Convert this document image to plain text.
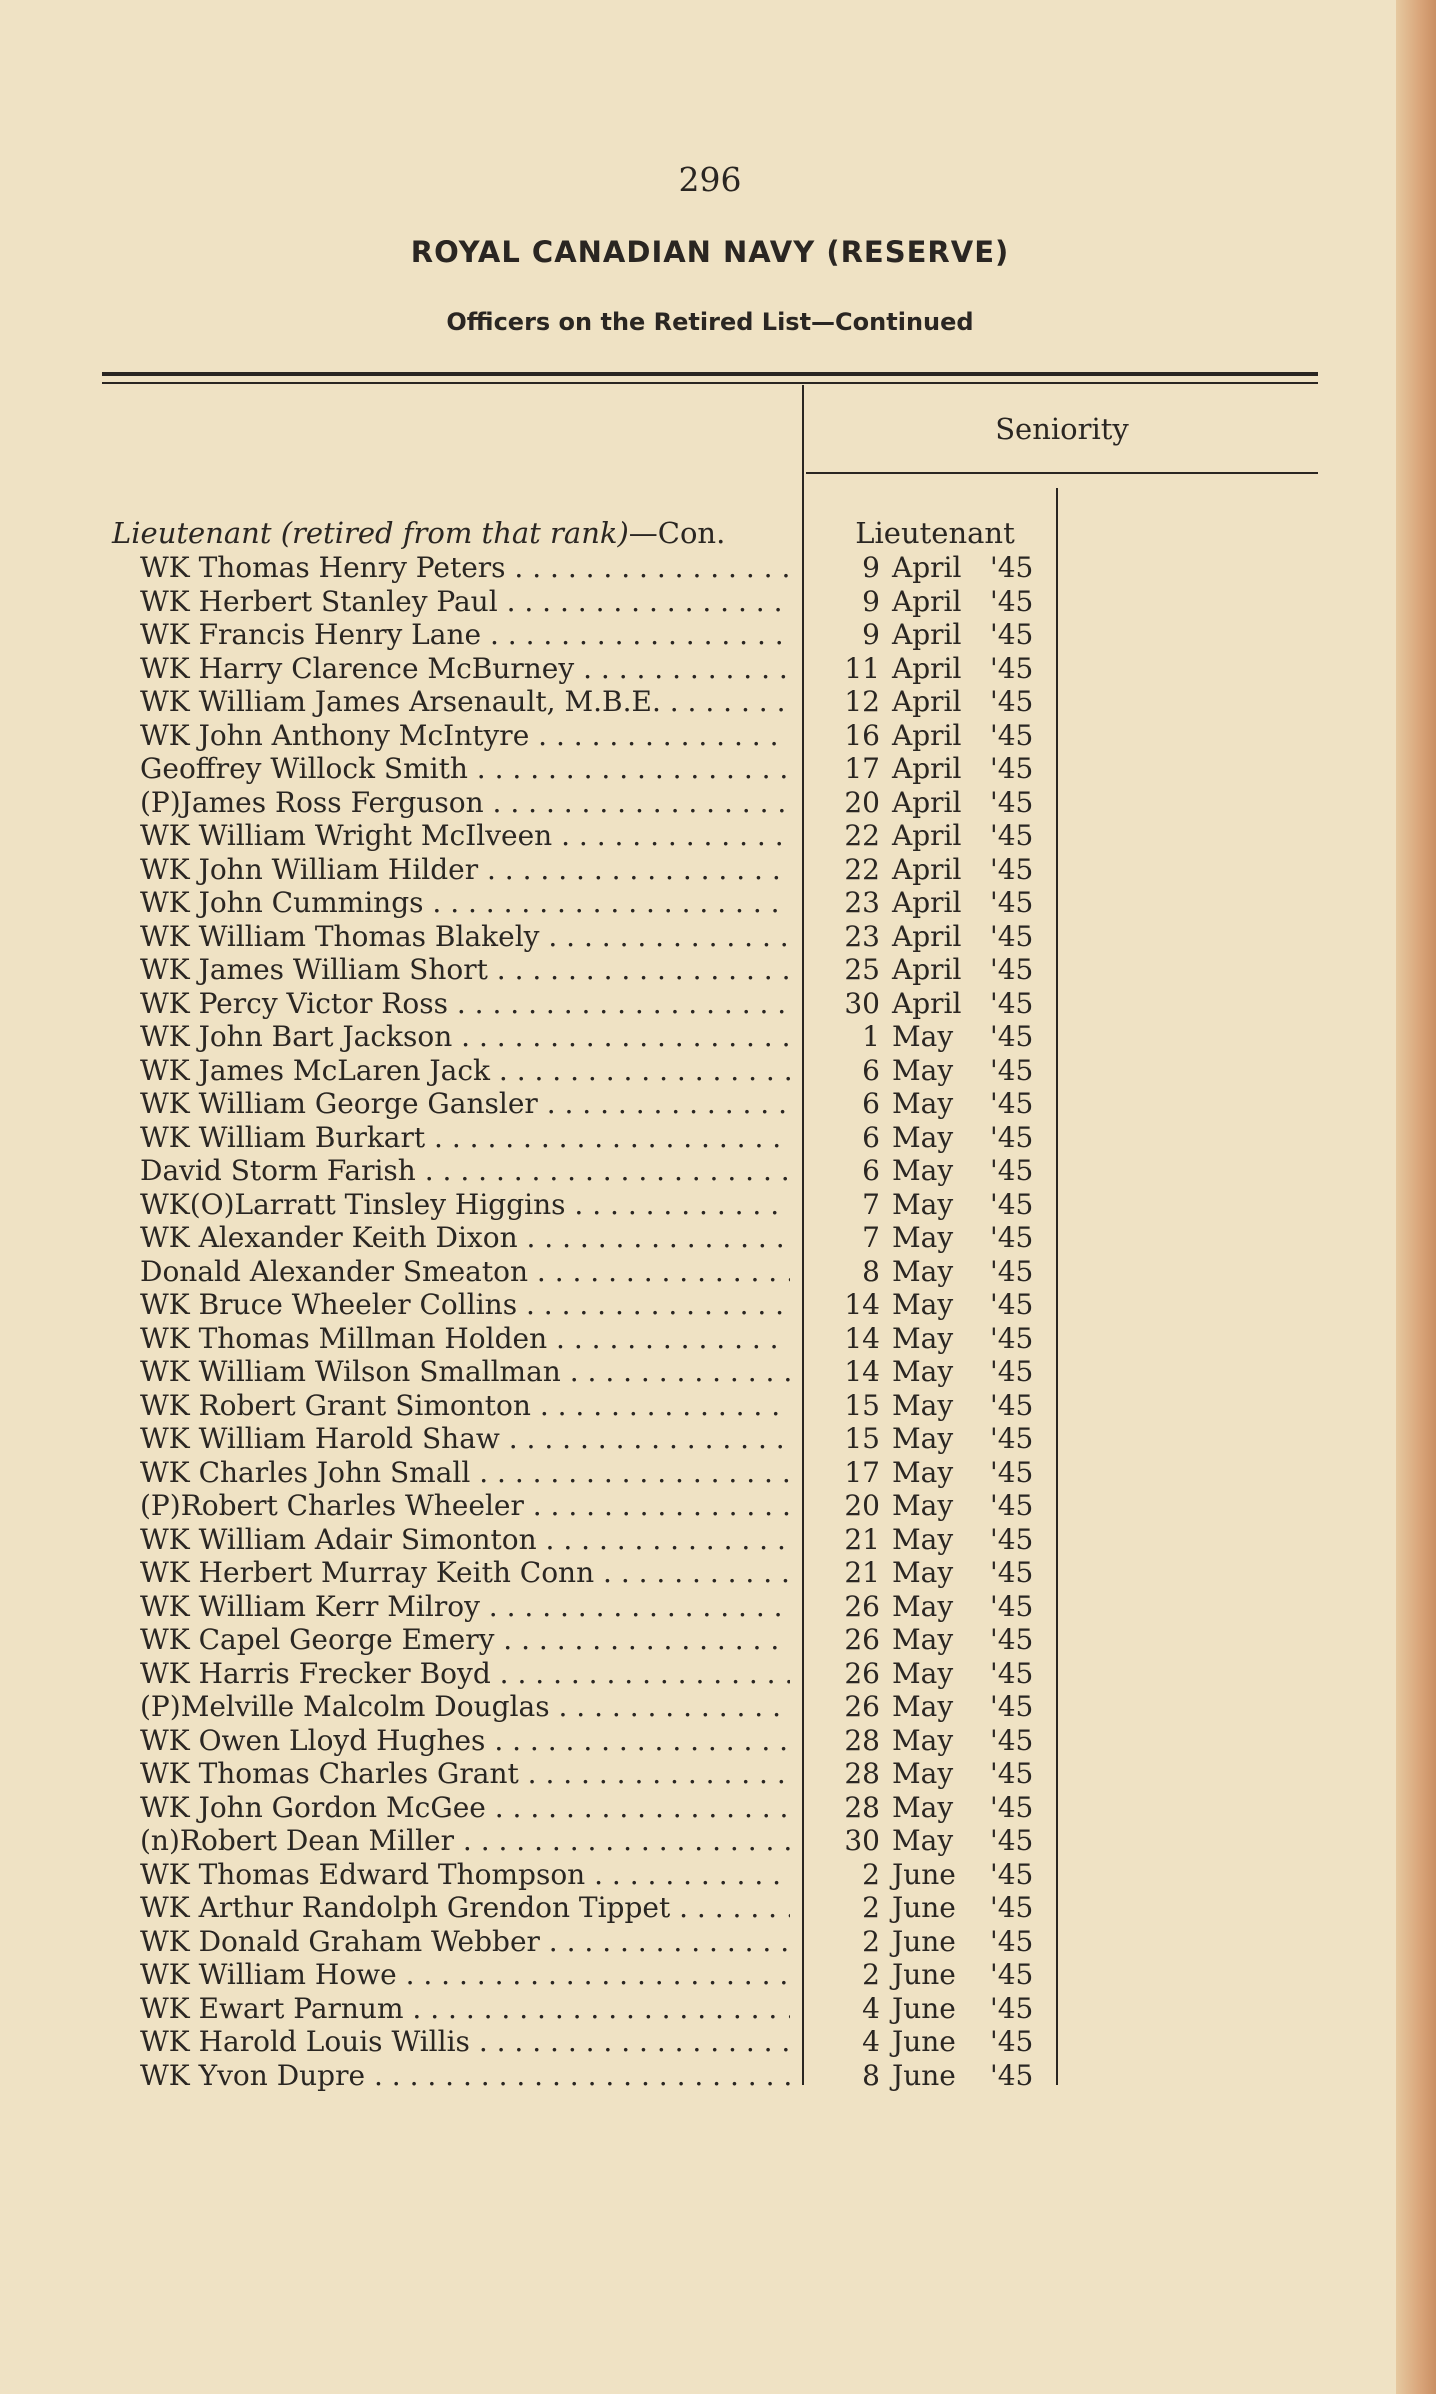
296
ROYAL CANADIAN NAVY (RESERVE)
Officers on the Retired List—Continued
Seniority
Lieutenant (retired from that rank)—Con.	Lieutenant
WK Thomas Henry Peters . . .	9 April	'45
WK Herbert Stanley Paul . . .	9 April	'45
WK Francis Henry Lane . . .	9 April	'45
WK Harry Clarence McBurney . . .	11 April	'45
WK William James Arsenault, M.B.E. . . .	12 April	'45
WK John Anthony McIntyre . . .	16 April	'45
Geoffrey Willock Smith . . .	17 April	'45
(P)James Ross Ferguson . . .	20 April	'45
WK William Wright McIlveen . . .	22 April	'45
WK John William Hilder . . .	22 April	'45
WK John Cummings . . .	23 April	'45
WK William Thomas Blakely . . .	23 April	'45
WK James William Short . . .	25 April	'45
WK Percy Victor Ross . . .	30 April	'45
WK John Bart Jackson . . .	1 May	'45
WK James McLaren Jack . . .	6 May	'45
WK William George Gansler . . .	6 May	'45
WK William Burkart . . .	6 May	'45
David Storm Farish . . .	6 May	'45
WK(O)Larratt Tinsley Higgins . . .	7 May	'45
WK Alexander Keith Dixon . . .	7 May	'45
Donald Alexander Smeaton . . .	8 May	'45
WK Bruce Wheeler Collins . . .	14 May	'45
WK Thomas Millman Holden . . .	14 May	'45
WK William Wilson Smallman . . .	14 May	'45
WK Robert Grant Simonton . . .	15 May	'45
WK William Harold Shaw . . .	15 May	'45
WK Charles John Small . . .	17 May	'45
(P)Robert Charles Wheeler . . .	20 May	'45
WK William Adair Simonton . . .	21 May	'45
WK Herbert Murray Keith Conn . . .	21 May	'45
WK William Kerr Milroy . . .	26 May	'45
WK Capel George Emery . . .	26 May	'45
WK Harris Frecker Boyd . . .	26 May	'45
(P)Melville Malcolm Douglas . . .	26 May	'45
WK Owen Lloyd Hughes . . .	28 May	'45
WK Thomas Charles Grant . . .	28 May	'45
WK John Gordon McGee . . .	28 May	'45
(n)Robert Dean Miller . . .	30 May	'45
WK Thomas Edward Thompson . . .	2 June	'45
WK Arthur Randolph Grendon Tippet . . .	2 June	'45
WK Donald Graham Webber . . .	2 June	'45
WK William Howe . . .	2 June	'45
WK Ewart Parnum . . .	4 June	'45
WK Harold Louis Willis . . .	4 June	'45
WK Yvon Dupre . . .	8 June	'45
